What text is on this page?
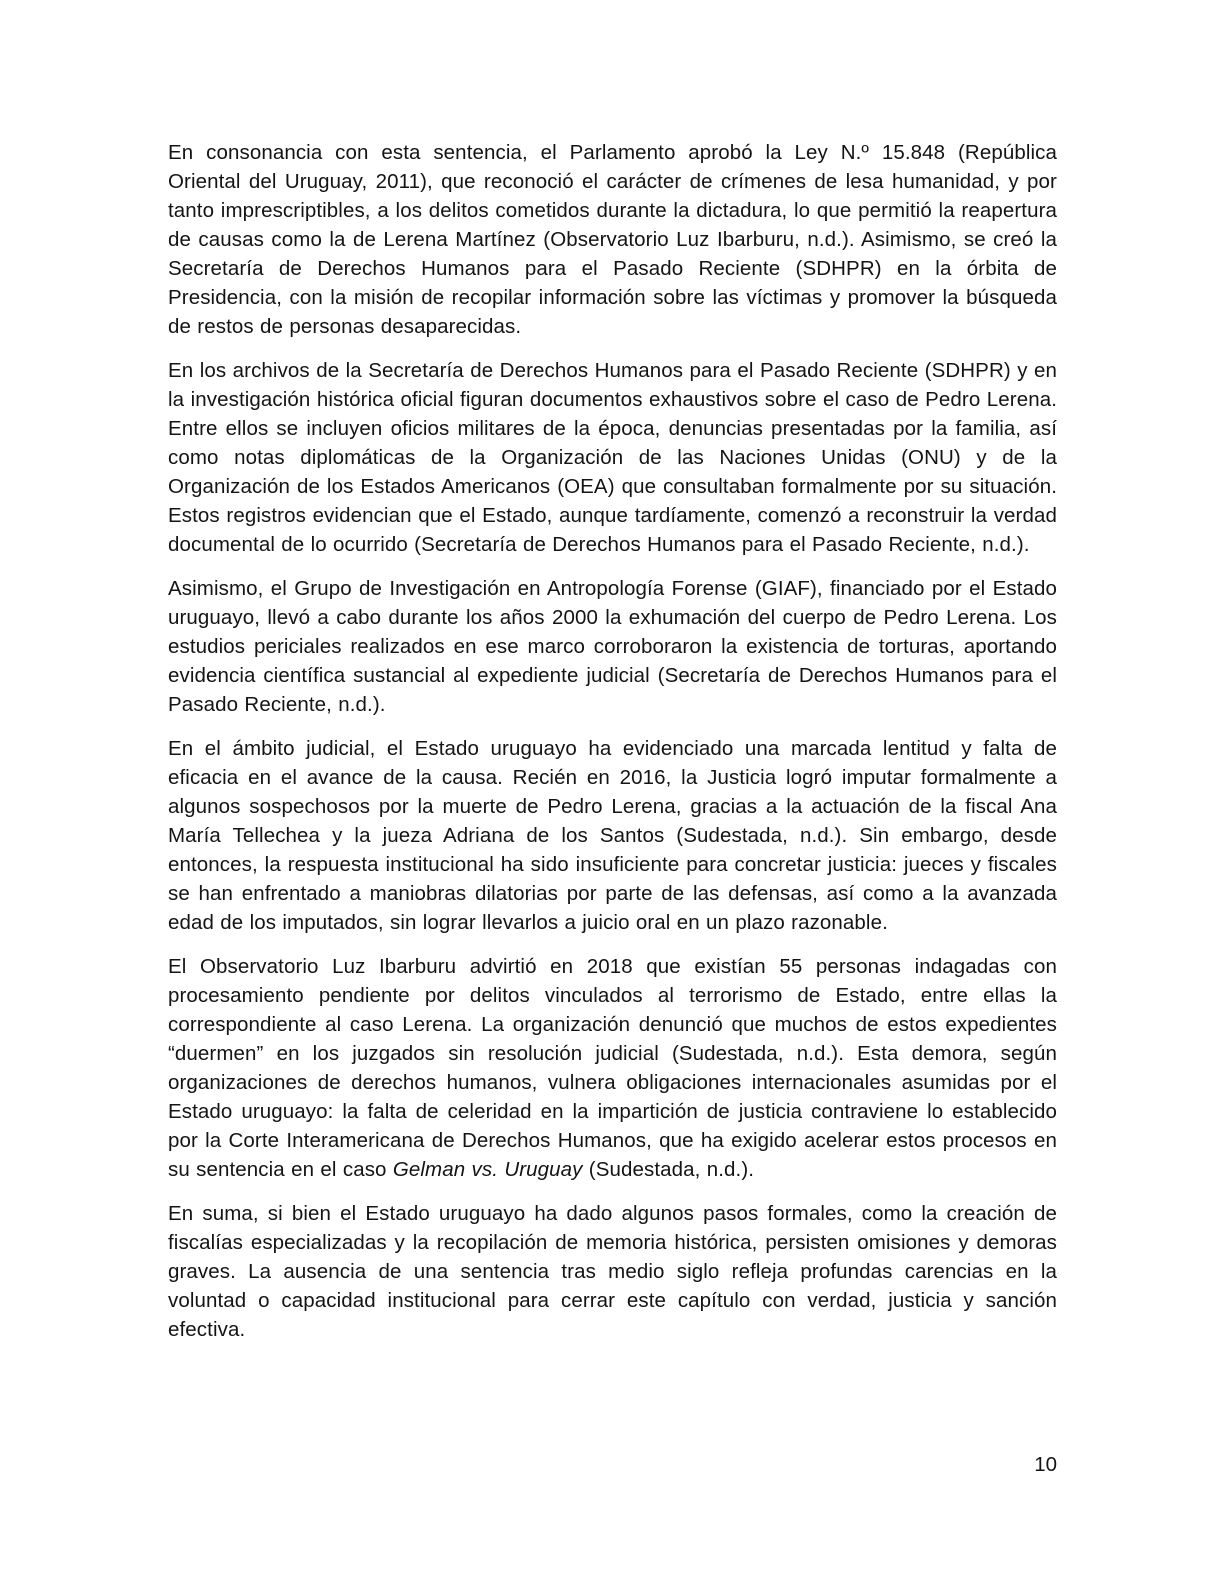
En consonancia con esta sentencia, el Parlamento aprobó la Ley N.º 15.848 (República Oriental del Uruguay, 2011), que reconoció el carácter de crímenes de lesa humanidad, y por tanto imprescriptibles, a los delitos cometidos durante la dictadura, lo que permitió la reapertura de causas como la de Lerena Martínez (Observatorio Luz Ibarburu, n.d.). Asimismo, se creó la Secretaría de Derechos Humanos para el Pasado Reciente (SDHPR) en la órbita de Presidencia, con la misión de recopilar información sobre las víctimas y promover la búsqueda de restos de personas desaparecidas.

En los archivos de la Secretaría de Derechos Humanos para el Pasado Reciente (SDHPR) y en la investigación histórica oficial figuran documentos exhaustivos sobre el caso de Pedro Lerena. Entre ellos se incluyen oficios militares de la época, denuncias presentadas por la familia, así como notas diplomáticas de la Organización de las Naciones Unidas (ONU) y de la Organización de los Estados Americanos (OEA) que consultaban formalmente por su situación. Estos registros evidencian que el Estado, aunque tardíamente, comenzó a reconstruir la verdad documental de lo ocurrido (Secretaría de Derechos Humanos para el Pasado Reciente, n.d.).

Asimismo, el Grupo de Investigación en Antropología Forense (GIAF), financiado por el Estado uruguayo, llevó a cabo durante los años 2000 la exhumación del cuerpo de Pedro Lerena. Los estudios periciales realizados en ese marco corroboraron la existencia de torturas, aportando evidencia científica sustancial al expediente judicial (Secretaría de Derechos Humanos para el Pasado Reciente, n.d.).

En el ámbito judicial, el Estado uruguayo ha evidenciado una marcada lentitud y falta de eficacia en el avance de la causa. Recién en 2016, la Justicia logró imputar formalmente a algunos sospechosos por la muerte de Pedro Lerena, gracias a la actuación de la fiscal Ana María Tellechea y la jueza Adriana de los Santos (Sudestada, n.d.). Sin embargo, desde entonces, la respuesta institucional ha sido insuficiente para concretar justicia: jueces y fiscales se han enfrentado a maniobras dilatorias por parte de las defensas, así como a la avanzada edad de los imputados, sin lograr llevarlos a juicio oral en un plazo razonable.

El Observatorio Luz Ibarburu advirtió en 2018 que existían 55 personas indagadas con procesamiento pendiente por delitos vinculados al terrorismo de Estado, entre ellas la correspondiente al caso Lerena. La organización denunció que muchos de estos expedientes “duermen” en los juzgados sin resolución judicial (Sudestada, n.d.). Esta demora, según organizaciones de derechos humanos, vulnera obligaciones internacionales asumidas por el Estado uruguayo: la falta de celeridad en la impartición de justicia contraviene lo establecido por la Corte Interamericana de Derechos Humanos, que ha exigido acelerar estos procesos en su sentencia en el caso Gelman vs. Uruguay (Sudestada, n.d.).

En suma, si bien el Estado uruguayo ha dado algunos pasos formales, como la creación de fiscalías especializadas y la recopilación de memoria histórica, persisten omisiones y demoras graves. La ausencia de una sentencia tras medio siglo refleja profundas carencias en la voluntad o capacidad institucional para cerrar este capítulo con verdad, justicia y sanción efectiva.

10
